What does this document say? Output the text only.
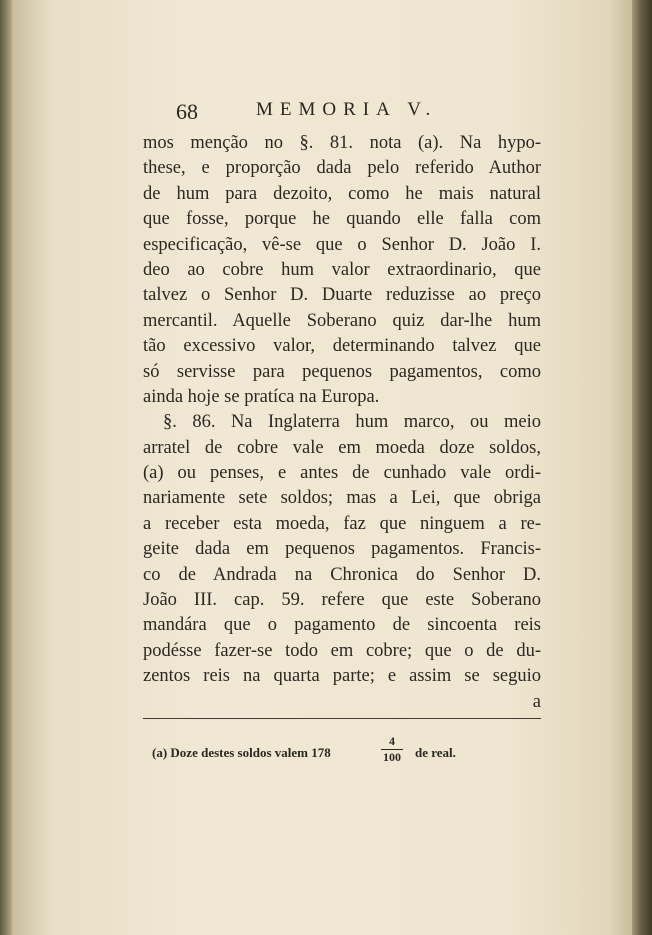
68	MEMORIA V.
mos menção no §. 81. nota (a). Na hypo-
these, e proporção dada pelo referido Author
de hum para dezoito, como he mais natural
que fosse, porque he quando elle falla com
especificação, vê-se que o Senhor D. João I.
deo ao cobre hum valor extraordinario, que
talvez o Senhor D. Duarte reduzisse ao preço
mercantil. Aquelle Soberano quiz dar-lhe hum
tão excessivo valor, determinando talvez que
só servisse para pequenos pagamentos, como
ainda hoje se pratíca na Europa.
§. 86. Na Inglaterra hum marco, ou meio
arratel de cobre vale em moeda doze soldos,
(a) ou penses, e antes de cunhado vale ordi-
nariamente sete soldos; mas a Lei, que obriga
a receber esta moeda, faz que ninguem a re-
geite dada em pequenos pagamentos. Francis-
co de Andrada na Chronica do Senhor D.
João III. cap. 59. refere que este Soberano
mandára que o pagamento de sincoenta reis
podésse fazer-se todo em cobre; que o de du-
zentos reis na quarta parte; e assim se seguio
a
(a) Doze destes soldos valem 178
4
100 de real.
